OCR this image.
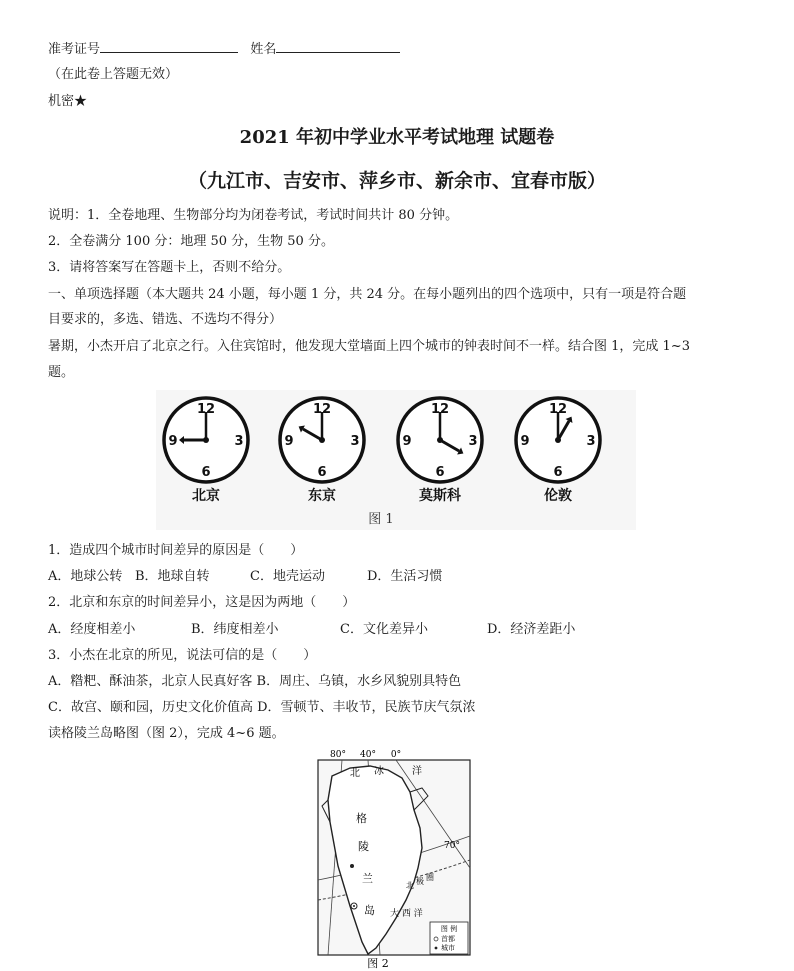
准考证号	姓名
（在此卷上答题无效）
机密★
2021 年初中学业水平考试地理 试题卷
（九江市、吉安市、萍乡市、新余市、宜春市版）
说明：1．全卷地理、生物部分均为闭卷考试，考试时间共计 80 分钟。
2．全卷满分 100 分：地理 50 分，生物 50 分。
3．请将答案写在答题卡上，否则不给分。
一、单项选择题（本大题共 24 小题，每小题 1 分，共 24 分。在每小题列出的四个选项中，只有一项是符合题
目要求的，多选、错选、不选均不得分）
暑期，小杰开启了北京之行。入住宾馆时，他发现大堂墙面上四个城市的钟表时间不一样。结合图 1，完成 1~3
题。
12
3
6
9
北京
12
3
6
9
东京
12
3
6
9
莫斯科
12
3
6
9
伦敦
图 1
1．造成四个城市时间差异的原因是（　　）
A．地球公转 B．地球自转	C．地壳运动	D．生活习惯
2．北京和东京的时间差异小，这是因为两地（　　）
A．经度相差小	B．纬度相差小	C．文化差异小	D．经济差距小
3．小杰在北京的所见，说法可信的是（　　）
A．糌粑、酥油茶，北京人民真好客 B．周庄、乌镇，水乡风貌别具特色
C．故宫、颐和园，历史文化价值高 D．雪顿节、丰收节，民族节庆气氛浓
读格陵兰岛略图（图 2），完成 4~6 题。
80° 40° 0°
北 冰	洋
格
陵
兰
岛
70°
北 极 圈
大 西 洋
图 例
首都
城市
图 2
